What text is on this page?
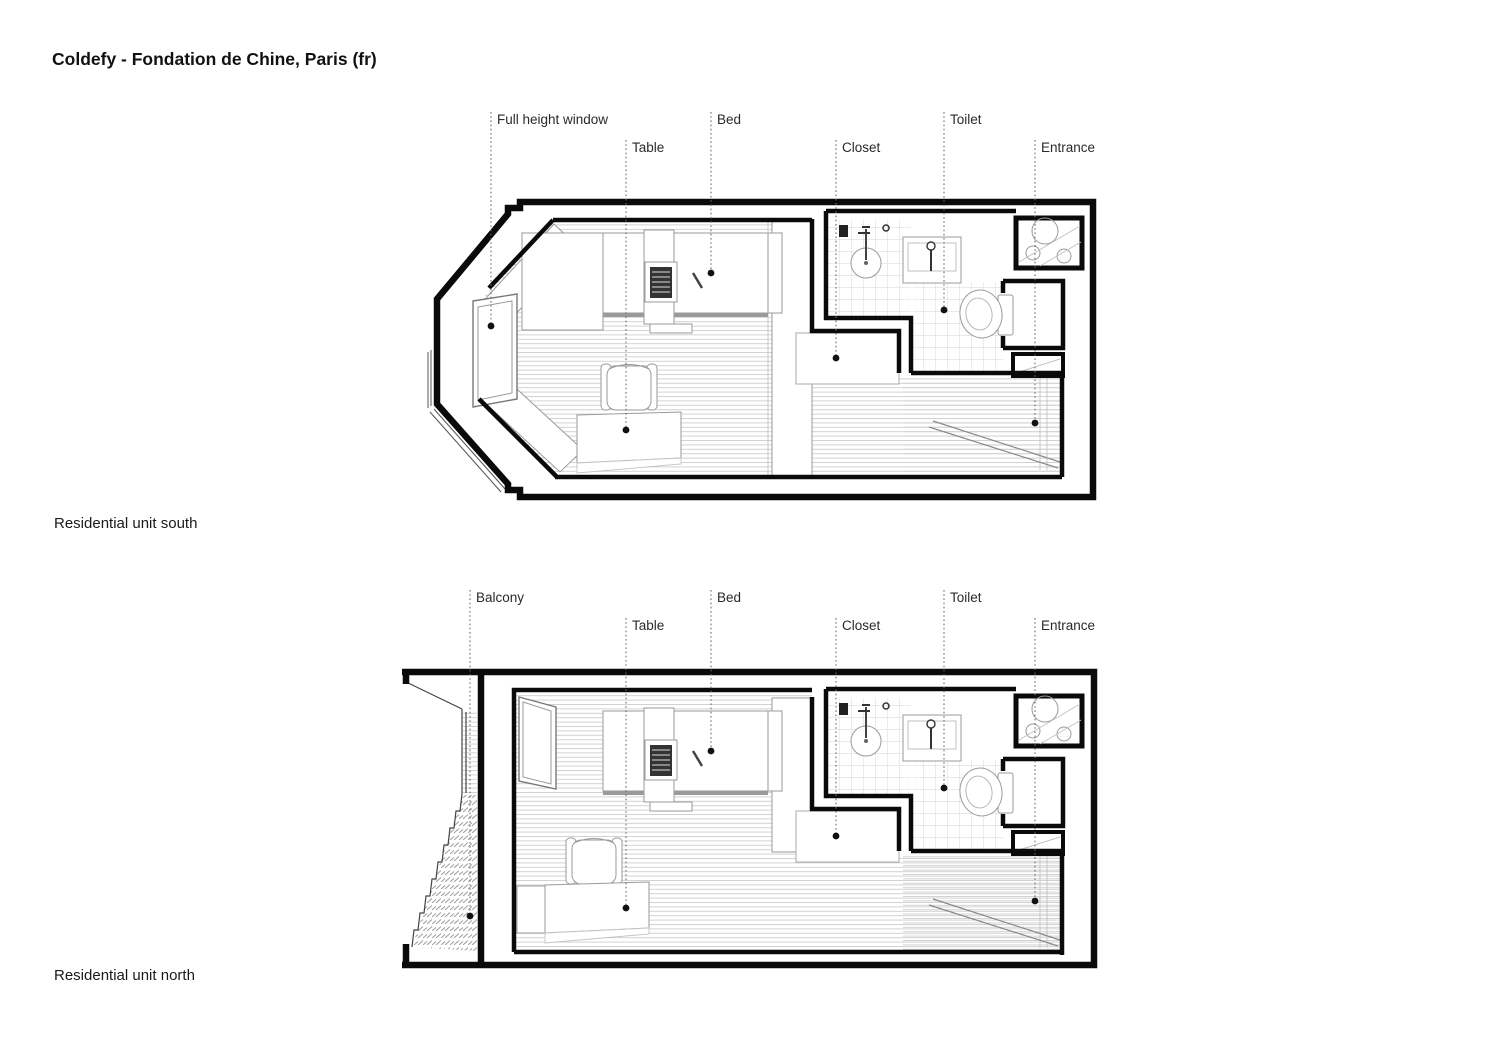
Coldefy - Fondation de Chine, Paris (fr)
Residential unit south
Residential unit north
Full height window
Table
Bed
Closet
Toilet
Entrance
Balcony
Table
Bed
Closet
Toilet
Entrance
